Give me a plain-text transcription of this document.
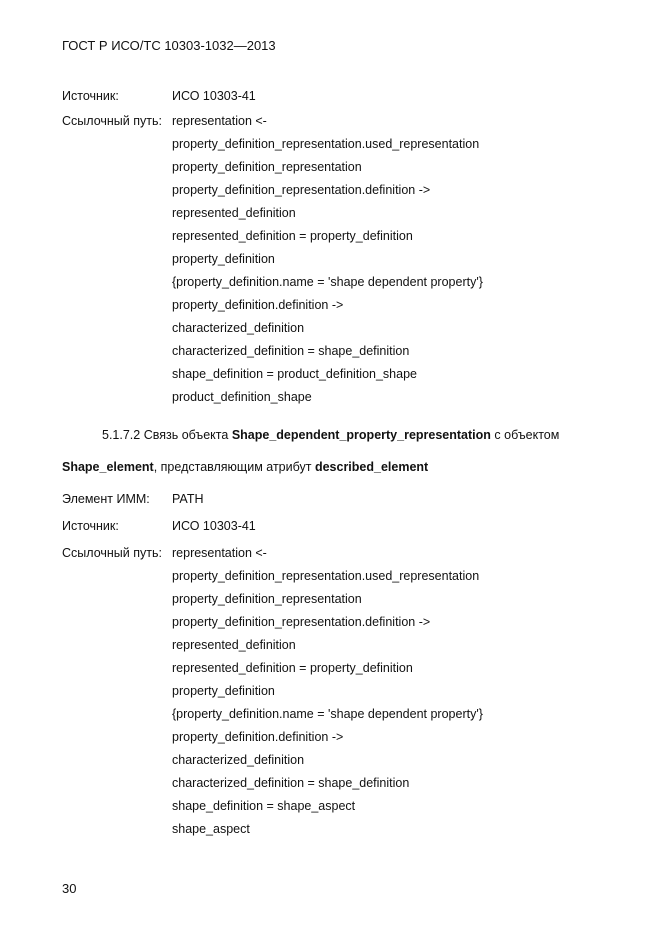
ГОСТ Р ИСО/ТС 10303-1032—2013
Источник:	ИСО 10303-41
Ссылочный путь: representation <-
property_definition_representation.used_representation
property_definition_representation
property_definition_representation.definition ->
represented_definition
represented_definition = property_definition
property_definition
{property_definition.name = 'shape dependent property'}
property_definition.definition ->
characterized_definition
characterized_definition = shape_definition
shape_definition = product_definition_shape
product_definition_shape
5.1.7.2 Связь объекта Shape_dependent_property_representation с объектом
Shape_element, представляющим атрибут described_element
Элемент ИММ: PATH
Источник:	ИСО 10303-41
Ссылочный путь: representation <-
property_definition_representation.used_representation
property_definition_representation
property_definition_representation.definition ->
represented_definition
represented_definition = property_definition
property_definition
{property_definition.name = 'shape dependent property'}
property_definition.definition ->
characterized_definition
characterized_definition = shape_definition
shape_definition = shape_aspect
shape_aspect
30
